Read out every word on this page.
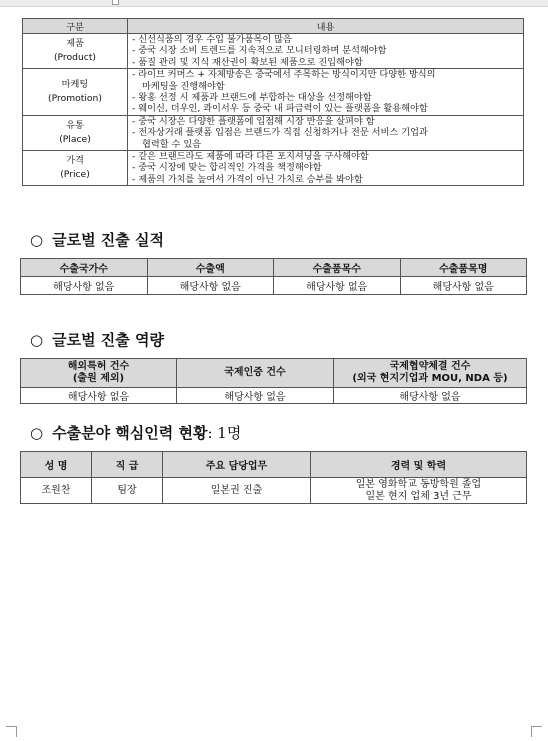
구분	내용

제품
(Product)	- 신선식품의 경우 수입 불가품목이 많음
- 중국 시장 소비 트렌드를 지속적으로 모니터링하며 분석해야함
- 품질 관리 및 지식 재산권이 확보된 제품으로 진입해야함

마케팅
(Promotion)	- 라이브 커머스 + 자체방송은 중국에서 주목하는 방식이지만 다양한 방식의
마케팅을 진행해야함
- 왕홍 선정 시 제품과 브랜드에 부합하는 대상을 선정해야함
- 웨이신, 더우인, 콰이서우 등 중국 내 파급력이 있는 플랫폼을 활용해야함

유통
(Place)	- 중국 시장은 다양한 플랫폼에 입점해 시장 반응을 살펴야 함
- 전자상거래 플랫폼 입점은 브랜드가 직접 신청하거나 전문 서비스 기업과
협력할 수 있음

가격
(Price)	- 같은 브랜드라도 제품에 따라 다른 포지셔닝을 구사해야함
- 중국 시장에 맞는 합리적인 가격을 책정해야함
- 제품의 가치를 높여서 가격이 아닌 가치로 승부를 봐야함
○ 글로벌 진출 실적
수출국가수	수출액	수출품목수	수출품목명
해당사항 없음	해당사항 없음	해당사항 없음	해당사항 없음
○ 글로벌 진출 역량
해외특허 건수
(출원 제외)	국제인증 건수	국제협약체결 건수
(외국 현지기업과 MOU, NDA 등)

해당사항 없음	해당사항 없음	해당사항 없음
○ 수출분야 핵심인력 현황: 1명
성 명	직 급	주요 담당업무	경력 및 학력
조원찬	팀장	일본권 진출	일본 영화학교 동방학원 졸업
일본 현지 업체 3년 근무
